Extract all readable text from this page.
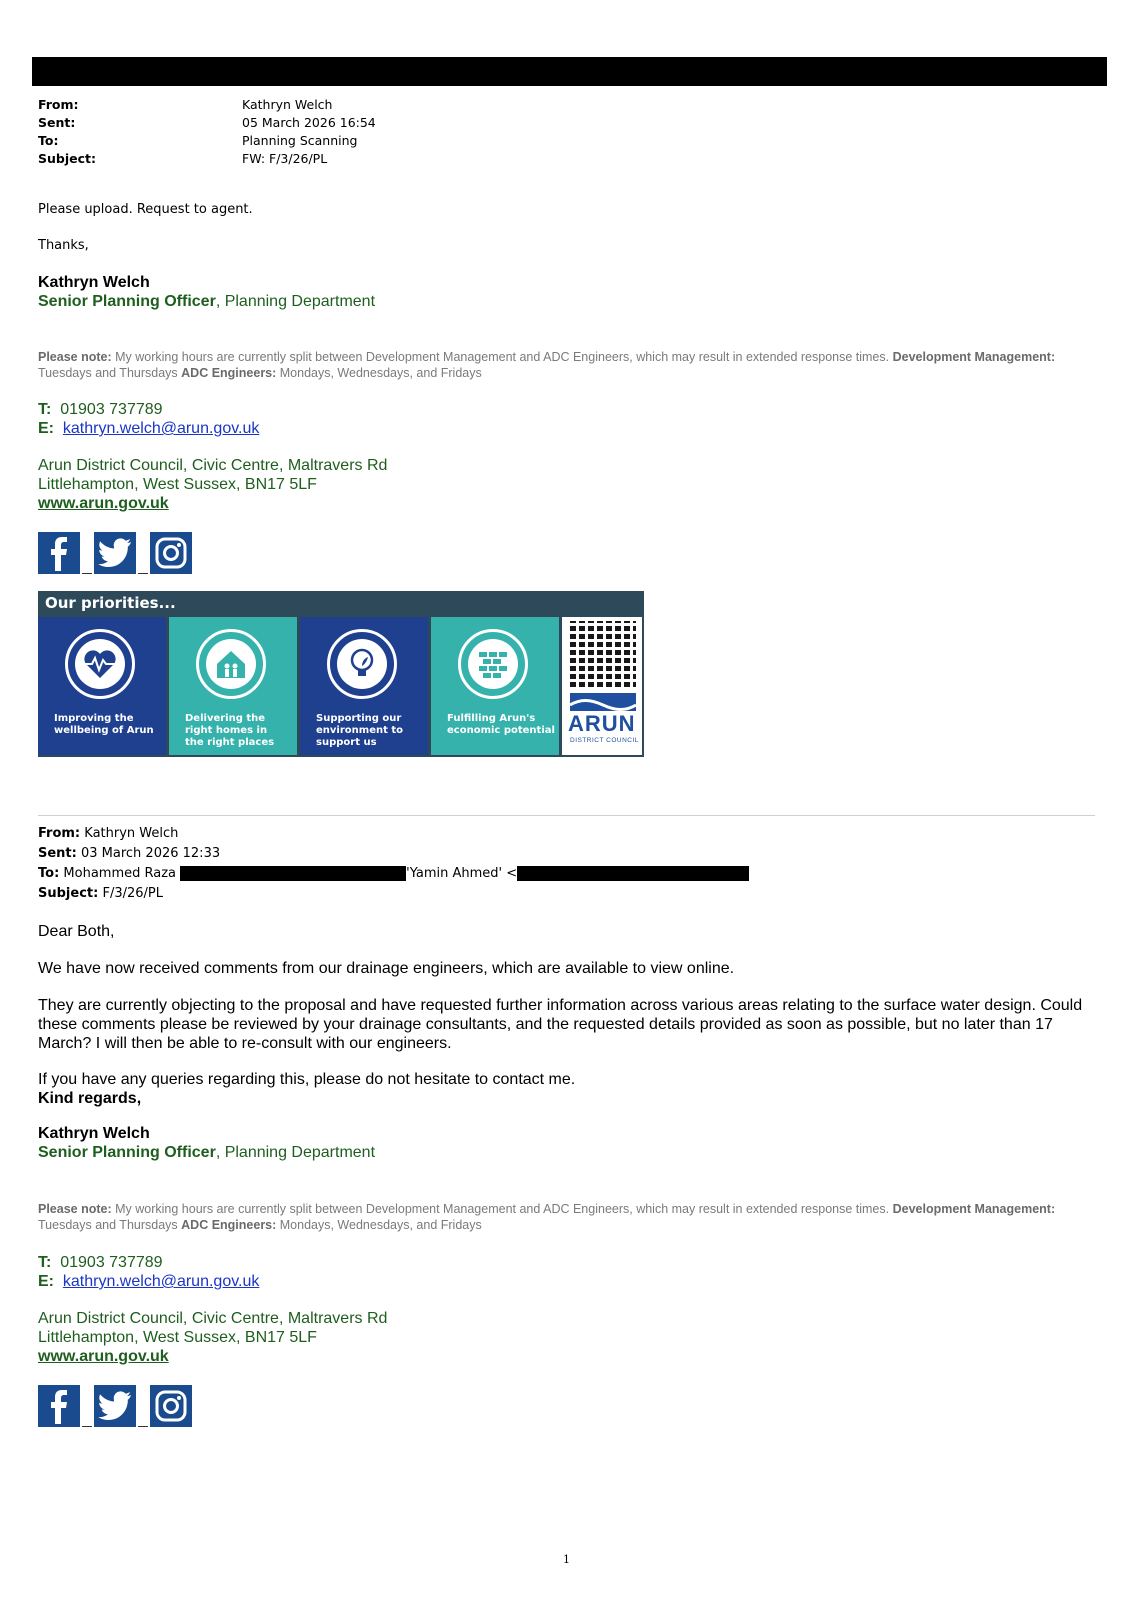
From:	Kathryn Welch
Sent:	05 March 2026 16:54
To:	Planning Scanning
Subject:	FW: F/3/26/PL
Please upload. Request to agent.
Thanks,
Kathryn Welch
Senior Planning Officer, Planning Department
Please note: My working hours are currently split between Development Management and ADC Engineers, which may result in extended response times. Development Management: Tuesdays and Thursdays ADC Engineers: Mondays, Wednesdays, and Fridays
T: 01903 737789
E: kathryn.welch@arun.gov.uk
Arun District Council, Civic Centre, Maltravers Rd
Littlehampton, West Sussex, BN17 5LF
www.arun.gov.uk
Our priorities...
Improving the wellbeing of Arun
Delivering the right homes in the right places
Supporting our environment to support us
Fulfilling Arun's economic potential ARUN
DISTRICT COUNCIL
From: Kathryn Welch
Sent: 03 March 2026 12:33
To: Mohammed Raza	'Yamin Ahmed' <
Subject: F/3/26/PL
Dear Both,
We have now received comments from our drainage engineers, which are available to view online.
They are currently objecting to the proposal and have requested further information across various areas relating to the surface water design. Could these comments please be reviewed by your drainage consultants, and the requested details provided as soon as possible, but no later than 17 March? I will then be able to re-consult with our engineers.
If you have any queries regarding this, please do not hesitate to contact me.
Kind regards,
Kathryn Welch
Senior Planning Officer, Planning Department
Please note: My working hours are currently split between Development Management and ADC Engineers, which may result in extended response times. Development Management: Tuesdays and Thursdays ADC Engineers: Mondays, Wednesdays, and Fridays
T: 01903 737789
E: kathryn.welch@arun.gov.uk
Arun District Council, Civic Centre, Maltravers Rd
Littlehampton, West Sussex, BN17 5LF
www.arun.gov.uk
1
